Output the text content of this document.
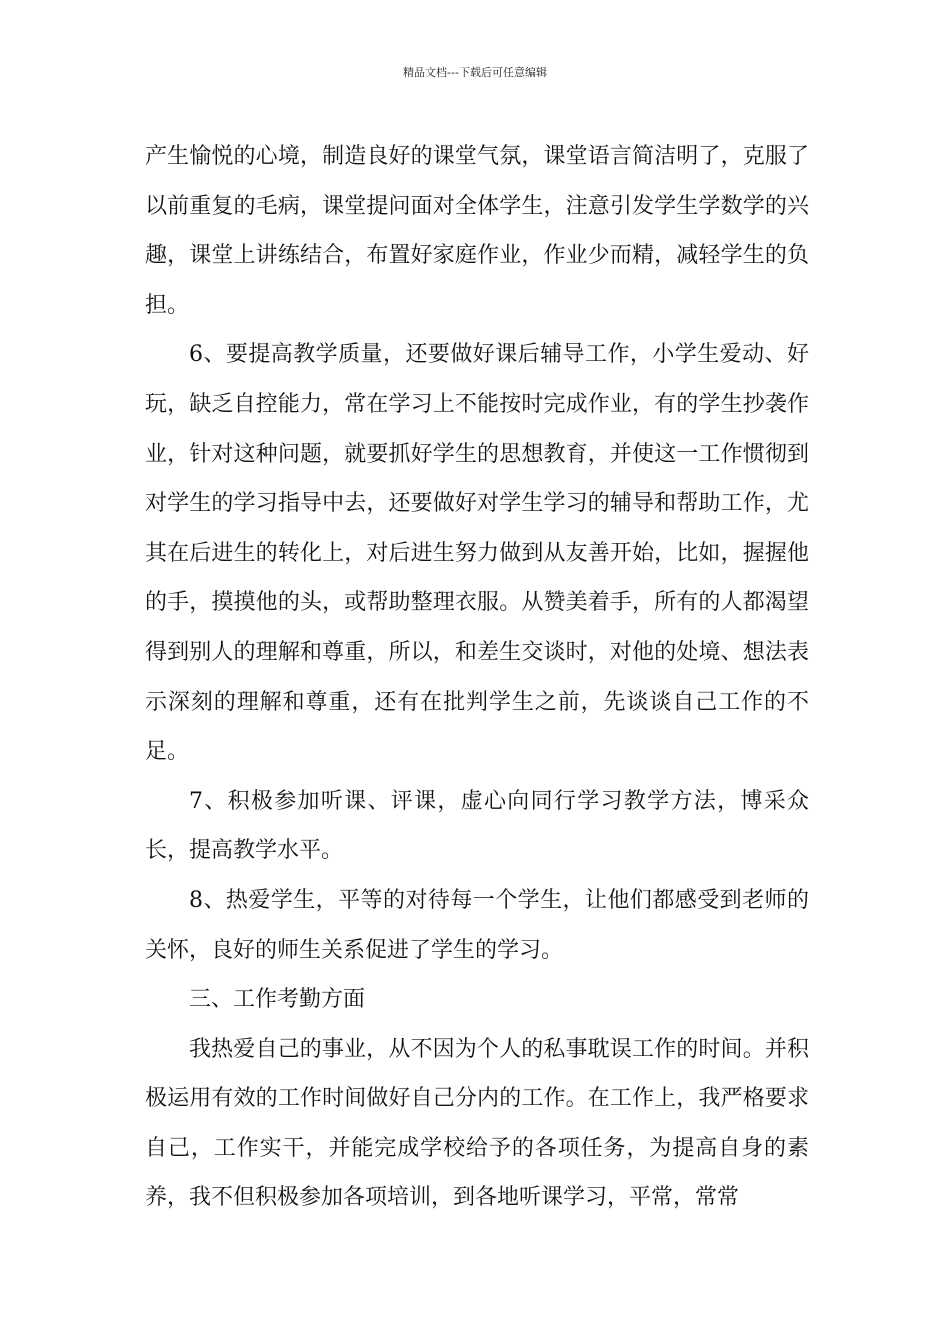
精品文档---下载后可任意编辑

产生愉悦的心境，制造良好的课堂气氛，课堂语言简洁明了，克服了以前重复的毛病，课堂提问面对全体学生，注意引发学生学数学的兴趣，课堂上讲练结合，布置好家庭作业，作业少而精，减轻学生的负担。

6、要提高教学质量，还要做好课后辅导工作，小学生爱动、好玩，缺乏自控能力，常在学习上不能按时完成作业，有的学生抄袭作业，针对这种问题，就要抓好学生的思想教育，并使这一工作惯彻到对学生的学习指导中去，还要做好对学生学习的辅导和帮助工作，尤其在后进生的转化上，对后进生努力做到从友善开始，比如，握握他的手，摸摸他的头，或帮助整理衣服。从赞美着手，所有的人都渴望得到别人的理解和尊重，所以，和差生交谈时，对他的处境、想法表示深刻的理解和尊重，还有在批判学生之前，先谈谈自己工作的不足。

7、积极参加听课、评课，虚心向同行学习教学方法，博采众长，提高教学水平。

8、热爱学生，平等的对待每一个学生，让他们都感受到老师的关怀，良好的师生关系促进了学生的学习。

三、工作考勤方面

我热爱自己的事业，从不因为个人的私事耽误工作的时间。并积极运用有效的工作时间做好自己分内的工作。在工作上，我严格要求自己，工作实干，并能完成学校给予的各项任务，为提高自身的素养，我不但积极参加各项培训，到各地听课学习，平常，常常
